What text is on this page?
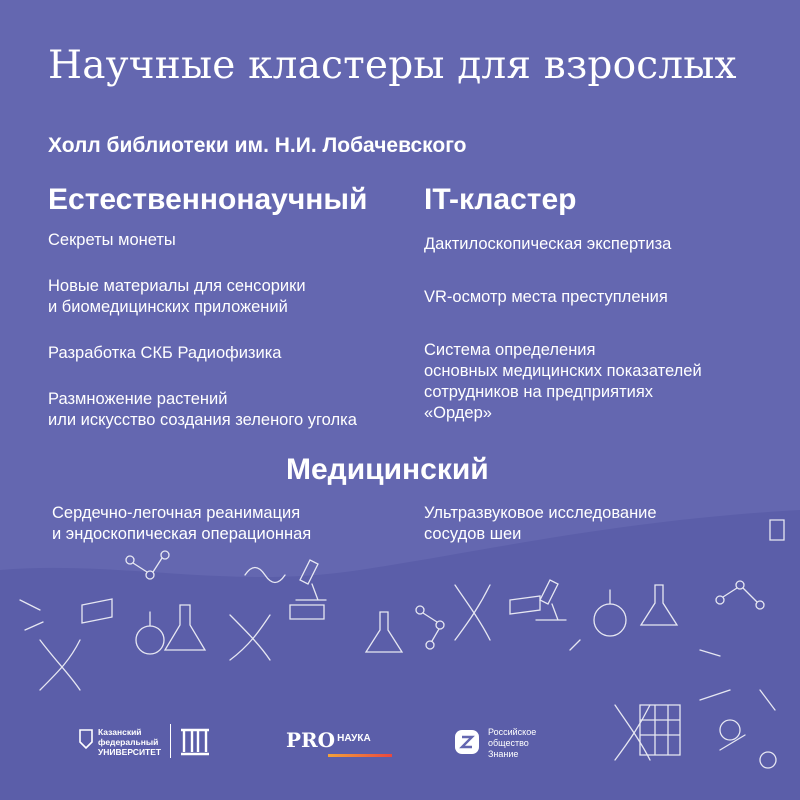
Научные кластеры для взрослых
Холл библиотеки им. Н.И. Лобачевского
Естественнонаучный
Секреты монеты
Новые материалы для сенсорики
и биомедицинских приложений
Разработка СКБ Радиофизика
Размножение растений
или искусство создания зеленого уголка
IT-кластер
Дактилоскопическая экспертиза
VR-осмотр места преступления
Система определения
основных медицинских показателей
сотрудников на предприятиях
«Ордер»
Медицинский
Сердечно-легочная реанимация
и эндоскопическая операционная
Ультразвуковое исследование
сосудов шеи
Казанский
федеральный
УНИВЕРСИТЕТ	PRO $^{НАУКА}$
Российское
общество
Знание
